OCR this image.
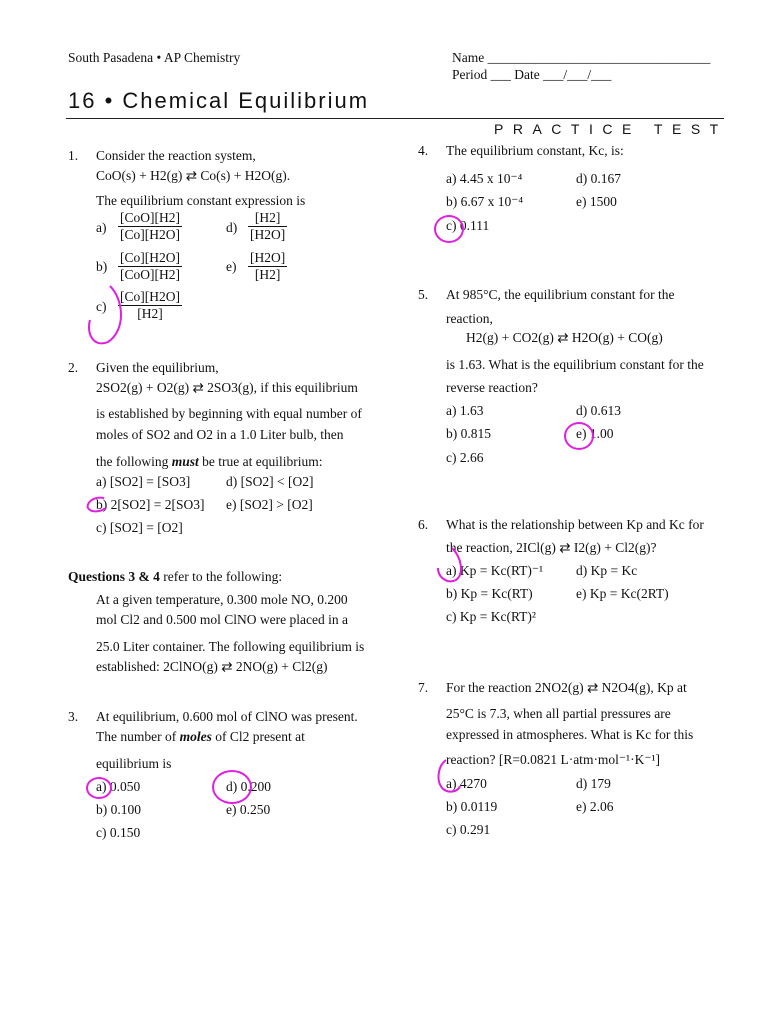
South Pasadena • AP Chemistry	Name _________________________________
Period ___ Date ___/___/___
16 • Chemical Equilibrium
PRACTICE TEST
1. Consider the reaction system,
CoO(s) + H2(g) ⇄ Co(s) + H2O(g).
The equilibrium constant expression is
a)
[CoO][H2]
[Co][H2O]
b)
[Co][H2O]
[CoO][H2]
$c) \frac{[Co][H2O]}{[H2]}$
$d) \frac{[H2]}{[H2O]}$
$e) \frac{[H2O]}{[H2]}$
2. Given the equilibrium,
2SO2(g) + O2(g) ⇄ 2SO3(g), if this equilibrium
is established by beginning with equal number of
moles of SO2 and O2 in a 1.0 Liter bulb, then
the following must be true at equilibrium:
a) [SO2] = [SO3]
b) 2[SO2] = 2[SO3]
c) [SO2] = [O2]
d) [SO2] < [O2]
e) [SO2] > [O2]
Questions 3 & 4 refer to the following:
At a given temperature, 0.300 mole NO, 0.200
mol Cl2 and 0.500 mol ClNO were placed in a
25.0 Liter container. The following equilibrium is
established: 2ClNO(g) ⇄ 2NO(g) + Cl2(g)
3. At equilibrium, 0.600 mol of ClNO was present.
The number of moles of Cl2 present at
equilibrium is
a) 0.050
b) 0.100
c) 0.150
d) 0.200
e) 0.250
4. The equilibrium constant, Kc, is:
a) 4.45 x 10⁻⁴
b) 6.67 x 10⁻⁴
c) 0.111
d) 0.167
e) 1500
5. At 985°C, the equilibrium constant for the
reaction,
H2(g) + CO2(g) ⇄ H2O(g) + CO(g)
is 1.63. What is the equilibrium constant for the
reverse reaction?
a) 1.63
b) 0.815
c) 2.66
d) 0.613
e) 1.00
6. What is the relationship between Kp and Kc for
the reaction, 2ICl(g) ⇄ I2(g) + Cl2(g)?
a) Kp = Kc(RT)⁻¹
b) Kp = Kc(RT)
c) Kp = Kc(RT)²
d) Kp = Kc
e) Kp = Kc(2RT)
7. For the reaction 2NO2(g) ⇄ N2O4(g), Kp at
25°C is 7.3, when all partial pressures are
expressed in atmospheres. What is Kc for this
reaction? [R=0.0821 L·atm·mol⁻¹·K⁻¹]
a) 4270
b) 0.0119
c) 0.291
d) 179
e) 2.06
